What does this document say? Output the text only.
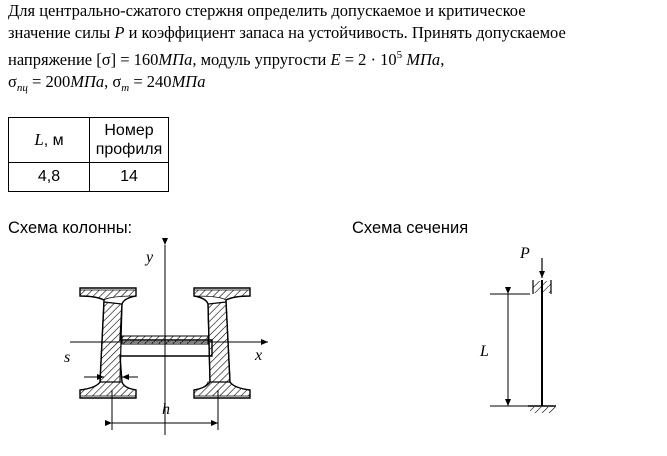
Для центрально-сжатого стержня определить допускаемое и критическое
значение силы P и коэффициент запаса на устойчивость. Принять допускаемое
напряжение [σ] = 160МПа, модуль упругости $E = 2 \cdot 10^5$ МПа,
$\sigma_{пц} = 200МПа$, $\sigma_т = 240МПа$
L, м	Номер профиля
4,8	14
Схема колонны:	Схема сечения
y
x
s
h
P
L
